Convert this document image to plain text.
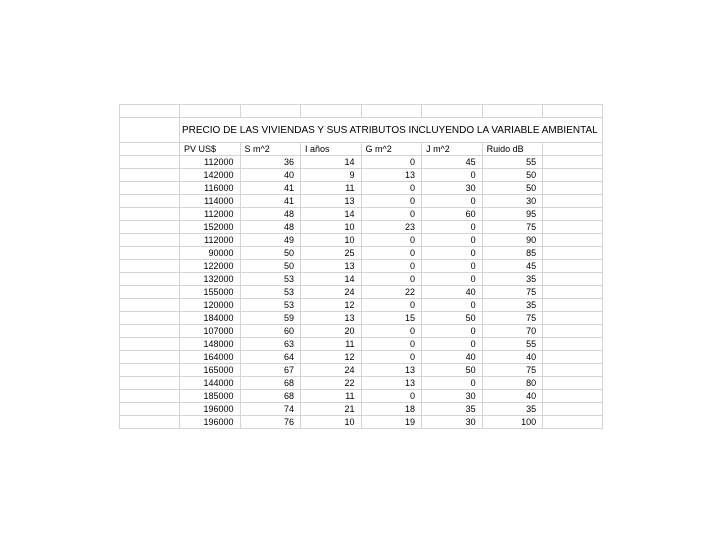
	PRECIO DE LAS VIVIENDAS Y SUS ATRIBUTOS INCLUYENDO LA VARIABLE AMBIENTAL						
	PV US$	S m^2	I años	G m^2	J m^2	Ruido dB	
	112000	36	14	0	45	55	
	142000	40	9	13	0	50	
	116000	41	11	0	30	50	
	114000	41	13	0	0	30	
	112000	48	14	0	60	95	
	152000	48	10	23	0	75	
	112000	49	10	0	0	90	
	90000	50	25	0	0	85	
	122000	50	13	0	0	45	
	132000	53	14	0	0	35	
	155000	53	24	22	40	75	
	120000	53	12	0	0	35	
	184000	59	13	15	50	75	
	107000	60	20	0	0	70	
	148000	63	11	0	0	55	
	164000	64	12	0	40	40	
	165000	67	24	13	50	75	
	144000	68	22	13	0	80	
	185000	68	11	0	30	40	
	196000	74	21	18	35	35	
	196000	76	10	19	30	100	
